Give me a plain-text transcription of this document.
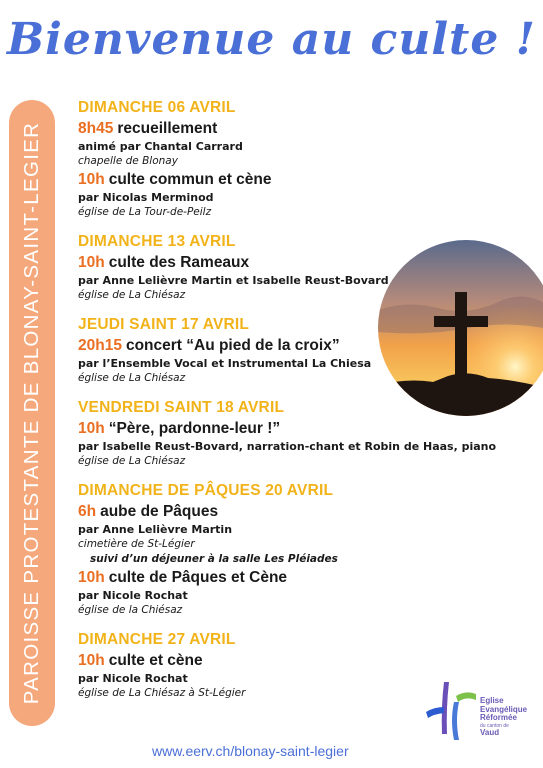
Bienvenue au culte !
PAROISSE PROTESTANTE DE BLONAY-SAINT-LEGIER
DIMANCHE 06 AVRIL
8h45 recueillement
animé par Chantal Carrard
chapelle de Blonay
10h culte commun et cène
par Nicolas Merminod
église de La Tour-de-Peilz
DIMANCHE 13 AVRIL
10h culte des Rameaux
par Anne Lelièvre Martin et Isabelle Reust-Bovard
église de La Chiésaz
JEUDI SAINT 17 AVRIL
20h15 concert “Au pied de la croix”
par l’Ensemble Vocal et Instrumental La Chiesa
église de La Chiésaz
VENDREDI SAINT 18 AVRIL
10h “Père, pardonne-leur !”
par Isabelle Reust-Bovard, narration-chant et Robin de Haas, piano
église de La Chiésaz
DIMANCHE DE PÂQUES 20 AVRIL
6h aube de Pâques
par Anne Lelièvre Martin
cimetière de St-Légier
suivi d’un déjeuner à la salle Les Pléiades
10h culte de Pâques et Cène
par Nicole Rochat
église de la Chiésaz
DIMANCHE 27 AVRIL
10h culte et cène
par Nicole Rochat
église de La Chiésaz à St-Légier
www.eerv.ch/blonay-saint-legier
Eglise
Evangélique
Réformée
du canton de
Vaud
